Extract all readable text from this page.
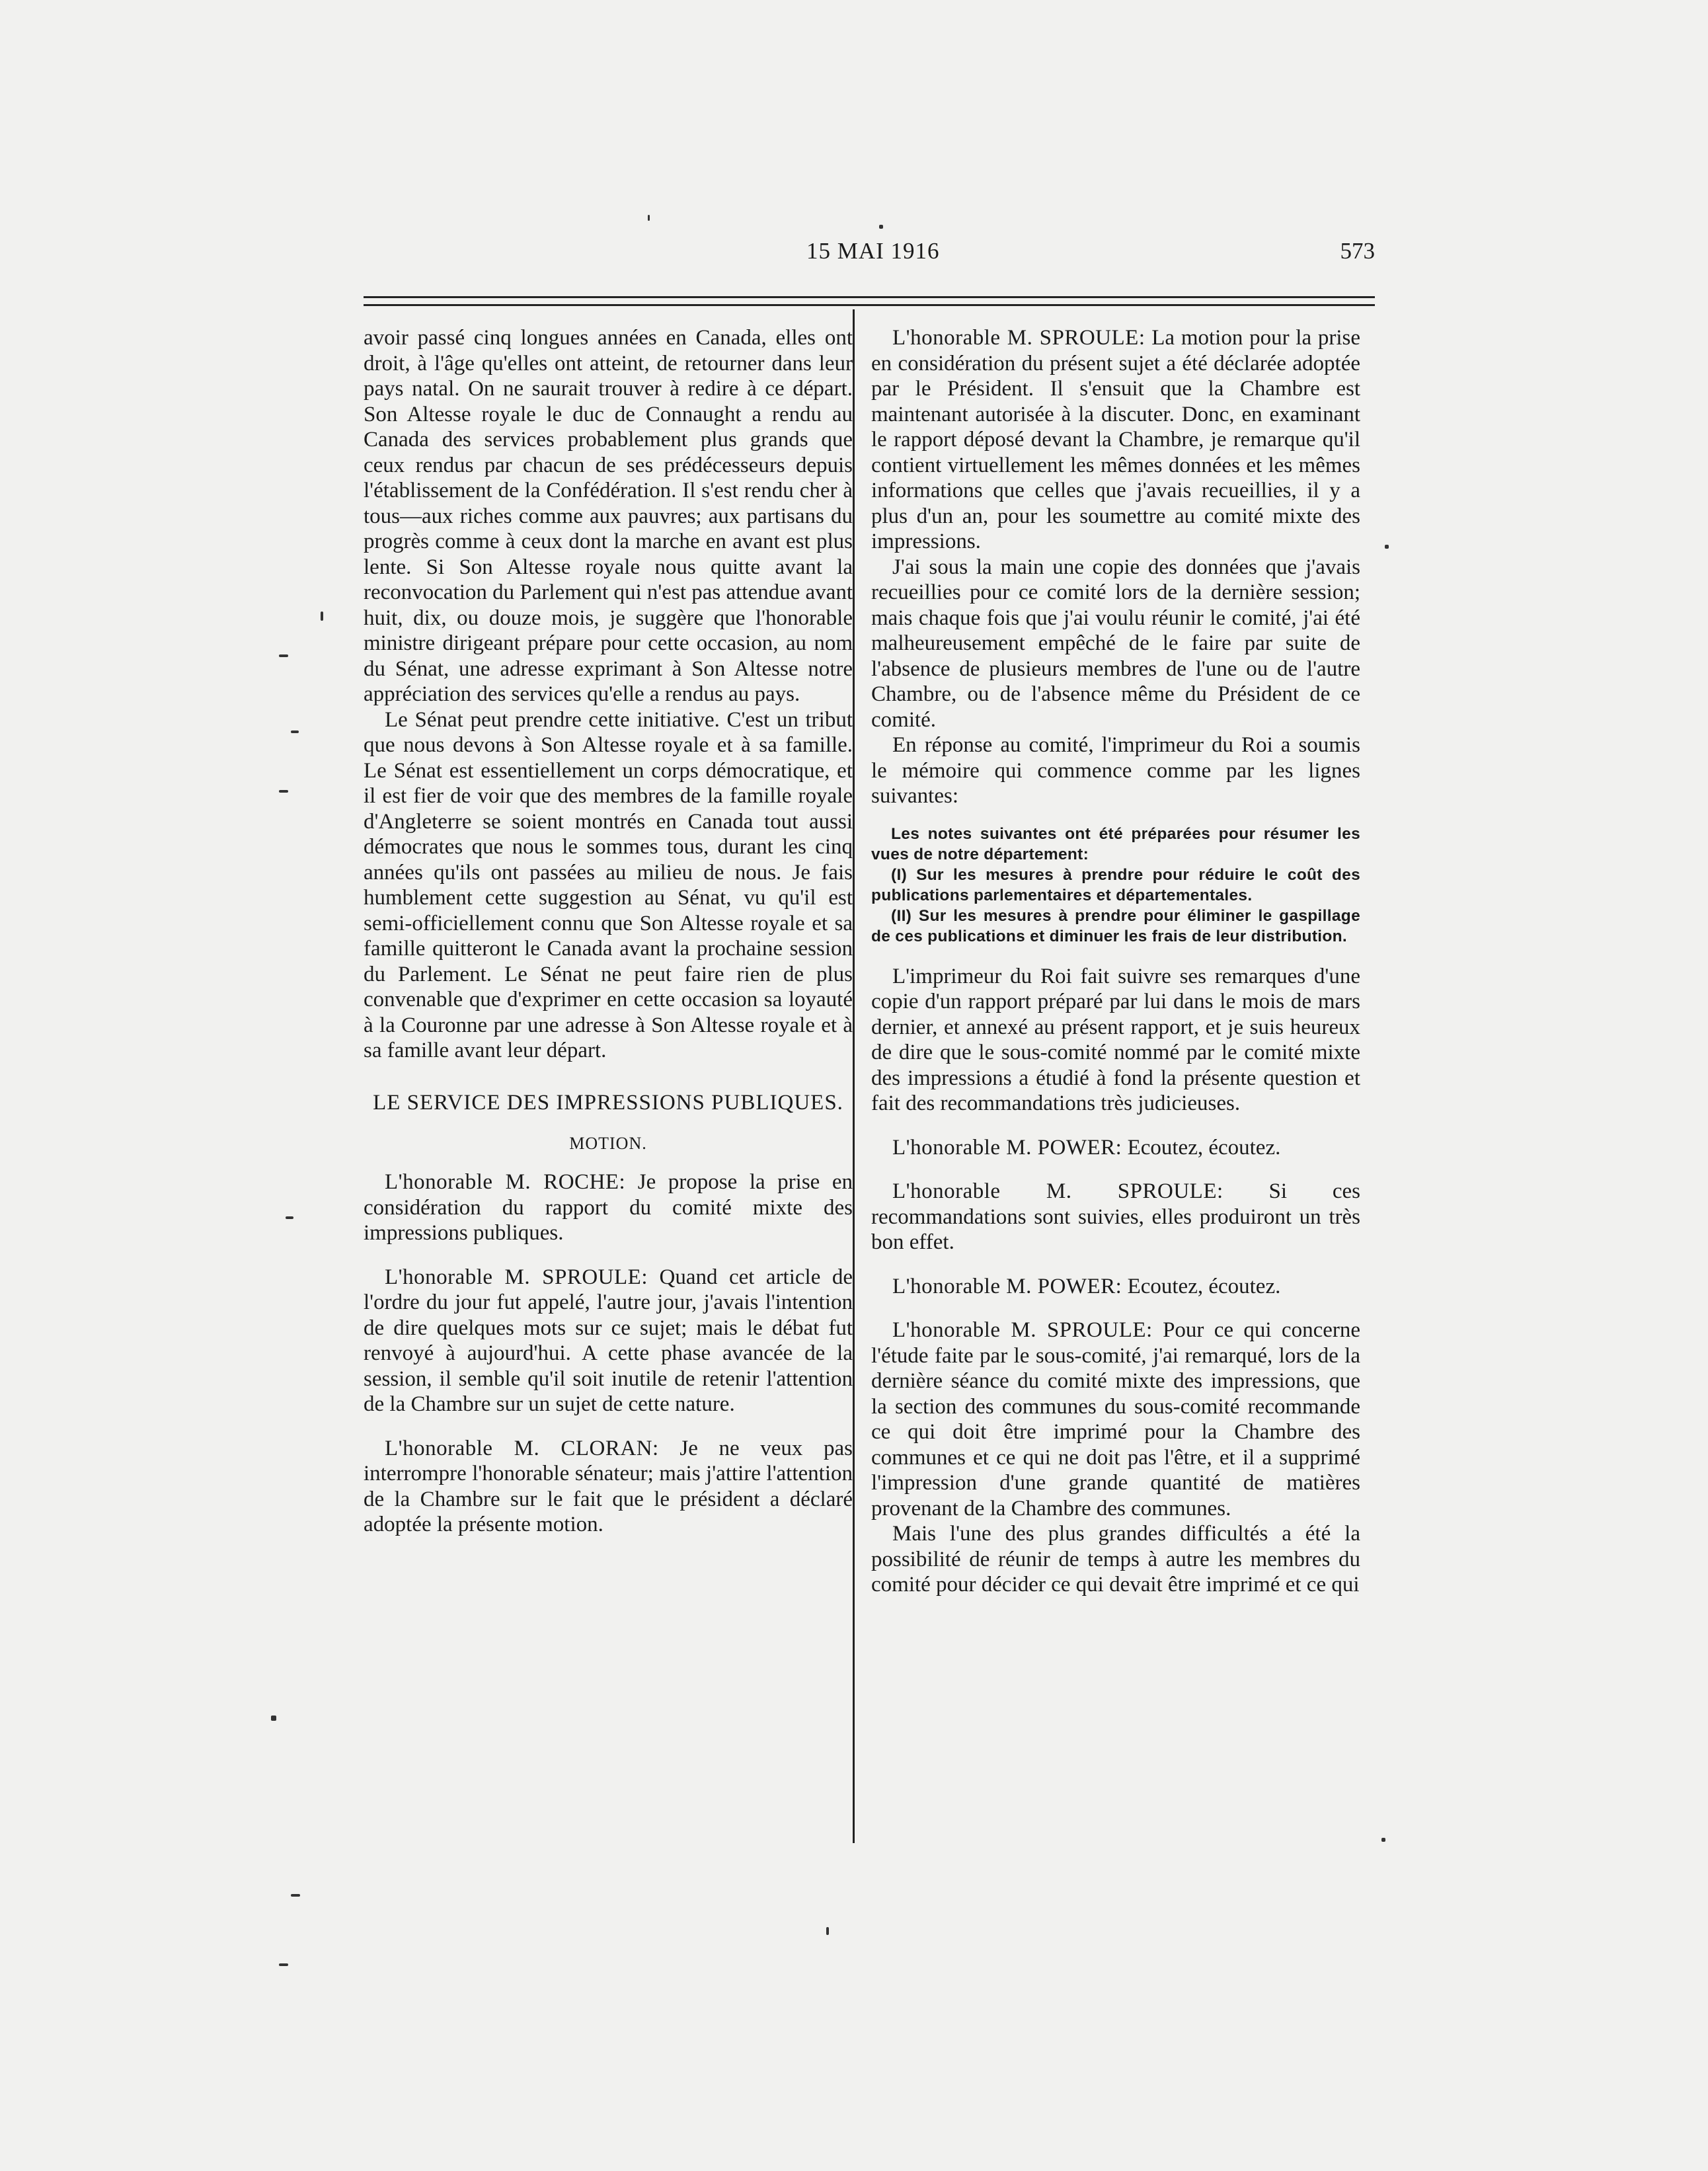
15 MAI 1916	573

avoir passé cinq longues années en Canada, elles ont droit, à l'âge qu'elles ont atteint, de retourner dans leur pays natal. On ne saurait trouver à redire à ce départ. Son Altesse royale le duc de Connaught a rendu au Canada des services probablement plus grands que ceux rendus par chacun de ses prédécesseurs depuis l'établissement de la Confédération. Il s'est rendu cher à tous—aux riches comme aux pauvres; aux partisans du progrès comme à ceux dont la marche en avant est plus lente. Si Son Altesse royale nous quitte avant la reconvocation du Parlement qui n'est pas attendue avant huit, dix, ou douze mois, je suggère que l'honorable ministre dirigeant prépare pour cette occasion, au nom du Sénat, une adresse exprimant à Son Altesse notre appréciation des services qu'elle a rendus au pays.

Le Sénat peut prendre cette initiative. C'est un tribut que nous devons à Son Altesse royale et à sa famille. Le Sénat est essentiellement un corps démocratique, et il est fier de voir que des membres de la famille royale d'Angleterre se soient montrés en Canada tout aussi démocrates que nous le sommes tous, durant les cinq années qu'ils ont passées au milieu de nous. Je fais humblement cette suggestion au Sénat, vu qu'il est semi-officiellement connu que Son Altesse royale et sa famille quitteront le Canada avant la prochaine session du Parlement. Le Sénat ne peut faire rien de plus convenable que d'exprimer en cette occasion sa loyauté à la Couronne par une adresse à Son Altesse royale et à sa famille avant leur départ.

LE SERVICE DES IMPRESSIONS PUBLIQUES.
MOTION.

L'honorable M. ROCHE: Je propose la prise en considération du rapport du comité mixte des impressions publiques.

L'honorable M. SPROULE: Quand cet article de l'ordre du jour fut appelé, l'autre jour, j'avais l'intention de dire quelques mots sur ce sujet; mais le débat fut renvoyé à aujourd'hui. A cette phase avancée de la session, il semble qu'il soit inutile de retenir l'attention de la Chambre sur un sujet de cette nature.

L'honorable M. CLORAN: Je ne veux pas interrompre l'honorable sénateur; mais j'attire l'attention de la Chambre sur le fait que le président a déclaré adoptée la présente motion.

L'honorable M. SPROULE: La motion pour la prise en considération du présent sujet a été déclarée adoptée par le Président. Il s'ensuit que la Chambre est maintenant autorisée à la discuter. Donc, en examinant le rapport déposé devant la Chambre, je remarque qu'il contient virtuellement les mêmes données et les mêmes informations que celles que j'avais recueillies, il y a plus d'un an, pour les soumettre au comité mixte des impressions.

J'ai sous la main une copie des données que j'avais recueillies pour ce comité lors de la dernière session; mais chaque fois que j'ai voulu réunir le comité, j'ai été malheureusement empêché de le faire par suite de l'absence de plusieurs membres de l'une ou de l'autre Chambre, ou de l'absence même du Président de ce comité.

En réponse au comité, l'imprimeur du Roi a soumis le mémoire qui commence comme par les lignes suivantes:

Les notes suivantes ont été préparées pour résumer les vues de notre département:

(I) Sur les mesures à prendre pour réduire le coût des publications parlementaires et départementales.

(II) Sur les mesures à prendre pour éliminer le gaspillage de ces publications et diminuer les frais de leur distribution.

L'imprimeur du Roi fait suivre ses remarques d'une copie d'un rapport préparé par lui dans le mois de mars dernier, et annexé au présent rapport, et je suis heureux de dire que le sous-comité nommé par le comité mixte des impressions a étudié à fond la présente question et fait des recommandations très judicieuses.

L'honorable M. POWER: Ecoutez, écoutez.

L'honorable M. SPROULE: Si ces recommandations sont suivies, elles produiront un très bon effet.

L'honorable M. POWER: Ecoutez, écoutez.

L'honorable M. SPROULE: Pour ce qui concerne l'étude faite par le sous-comité, j'ai remarqué, lors de la dernière séance du comité mixte des impressions, que la section des communes du sous-comité recommande ce qui doit être imprimé pour la Chambre des communes et ce qui ne doit pas l'être, et il a supprimé l'impression d'une grande quantité de matières provenant de la Chambre des communes.

Mais l'une des plus grandes difficultés a été la possibilité de réunir de temps à autre les membres du comité pour décider ce qui devait être imprimé et ce qui
